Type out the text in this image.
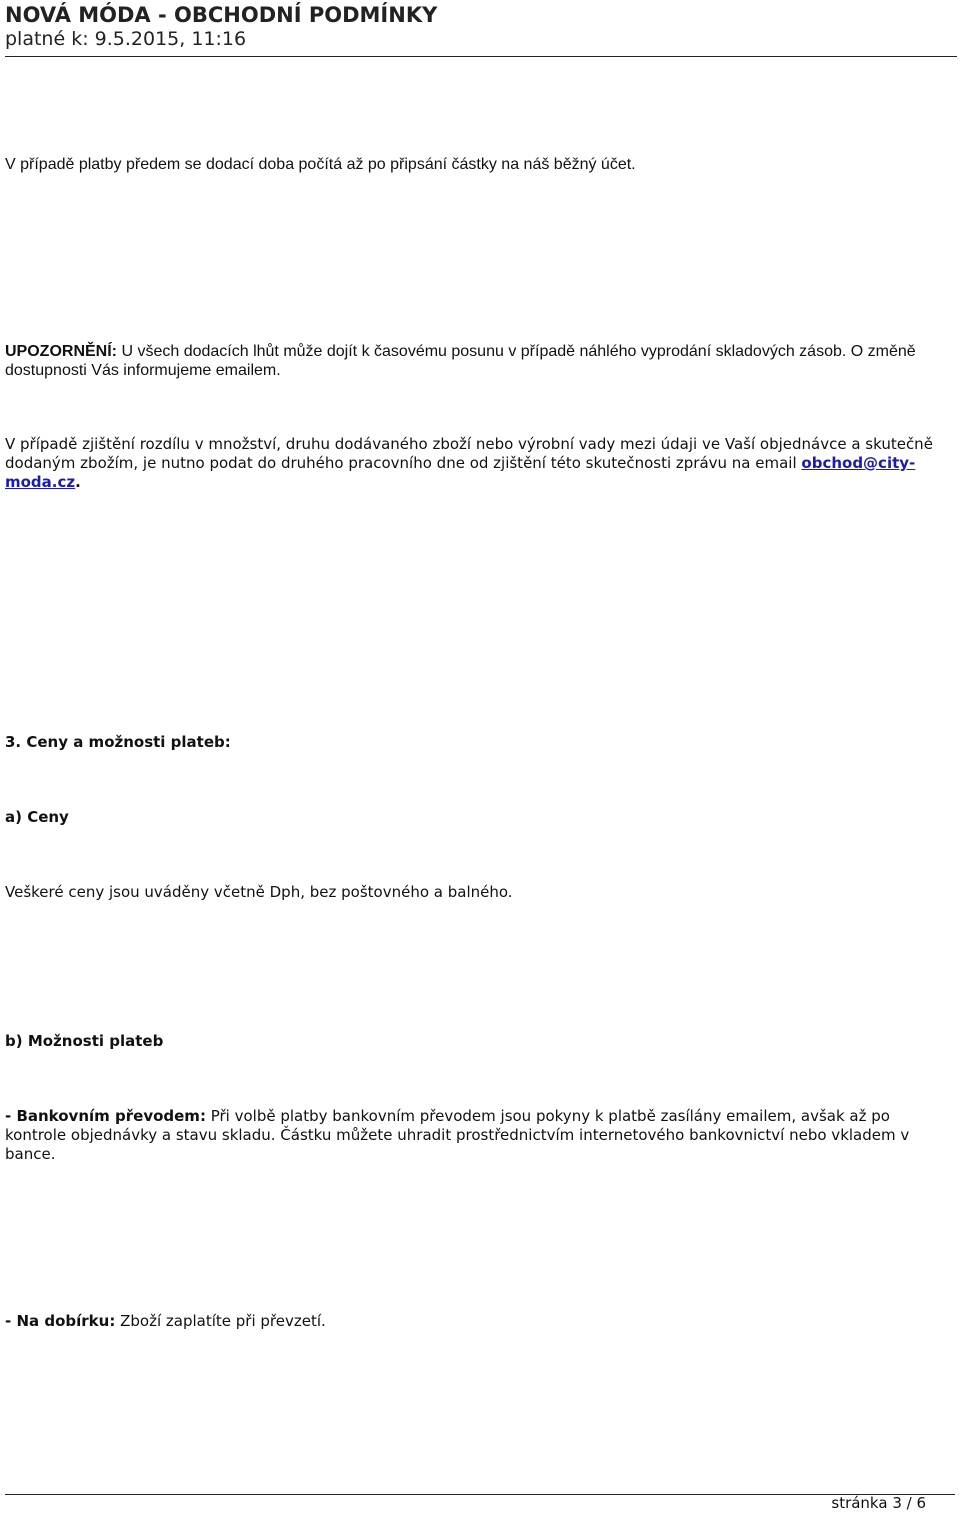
NOVÁ MÓDA - OBCHODNÍ PODMÍNKY
platné k: 9.5.2015, 11:16
V případě platby předem se dodací doba počítá až po připsání částky na náš běžný účet.
UPOZORNĚNÍ: U všech dodacích lhůt může dojít k časovému posunu v případě náhlého vyprodání skladových zásob. O změně dostupnosti Vás informujeme emailem.
V případě zjištění rozdílu v množství, druhu dodávaného zboží nebo výrobní vady mezi údaji ve Vaší objednávce a skutečně dodaným zbožím, je nutno podat do druhého pracovního dne od zjištění této skutečnosti zprávu na email obchod@city-moda.cz.
3. Ceny a možnosti plateb:
a) Ceny
Veškeré ceny jsou uváděny včetně Dph, bez poštovného a balného.
b) Možnosti plateb
- Bankovním převodem: Při volbě platby bankovním převodem jsou pokyny k platbě zasílány emailem, avšak až po kontrole objednávky a stavu skladu. Částku můžete uhradit prostřednictvím internetového bankovnictví nebo vkladem v bance.
- Na dobírku: Zboží zaplatíte při převzetí.
stránka 3 / 6
